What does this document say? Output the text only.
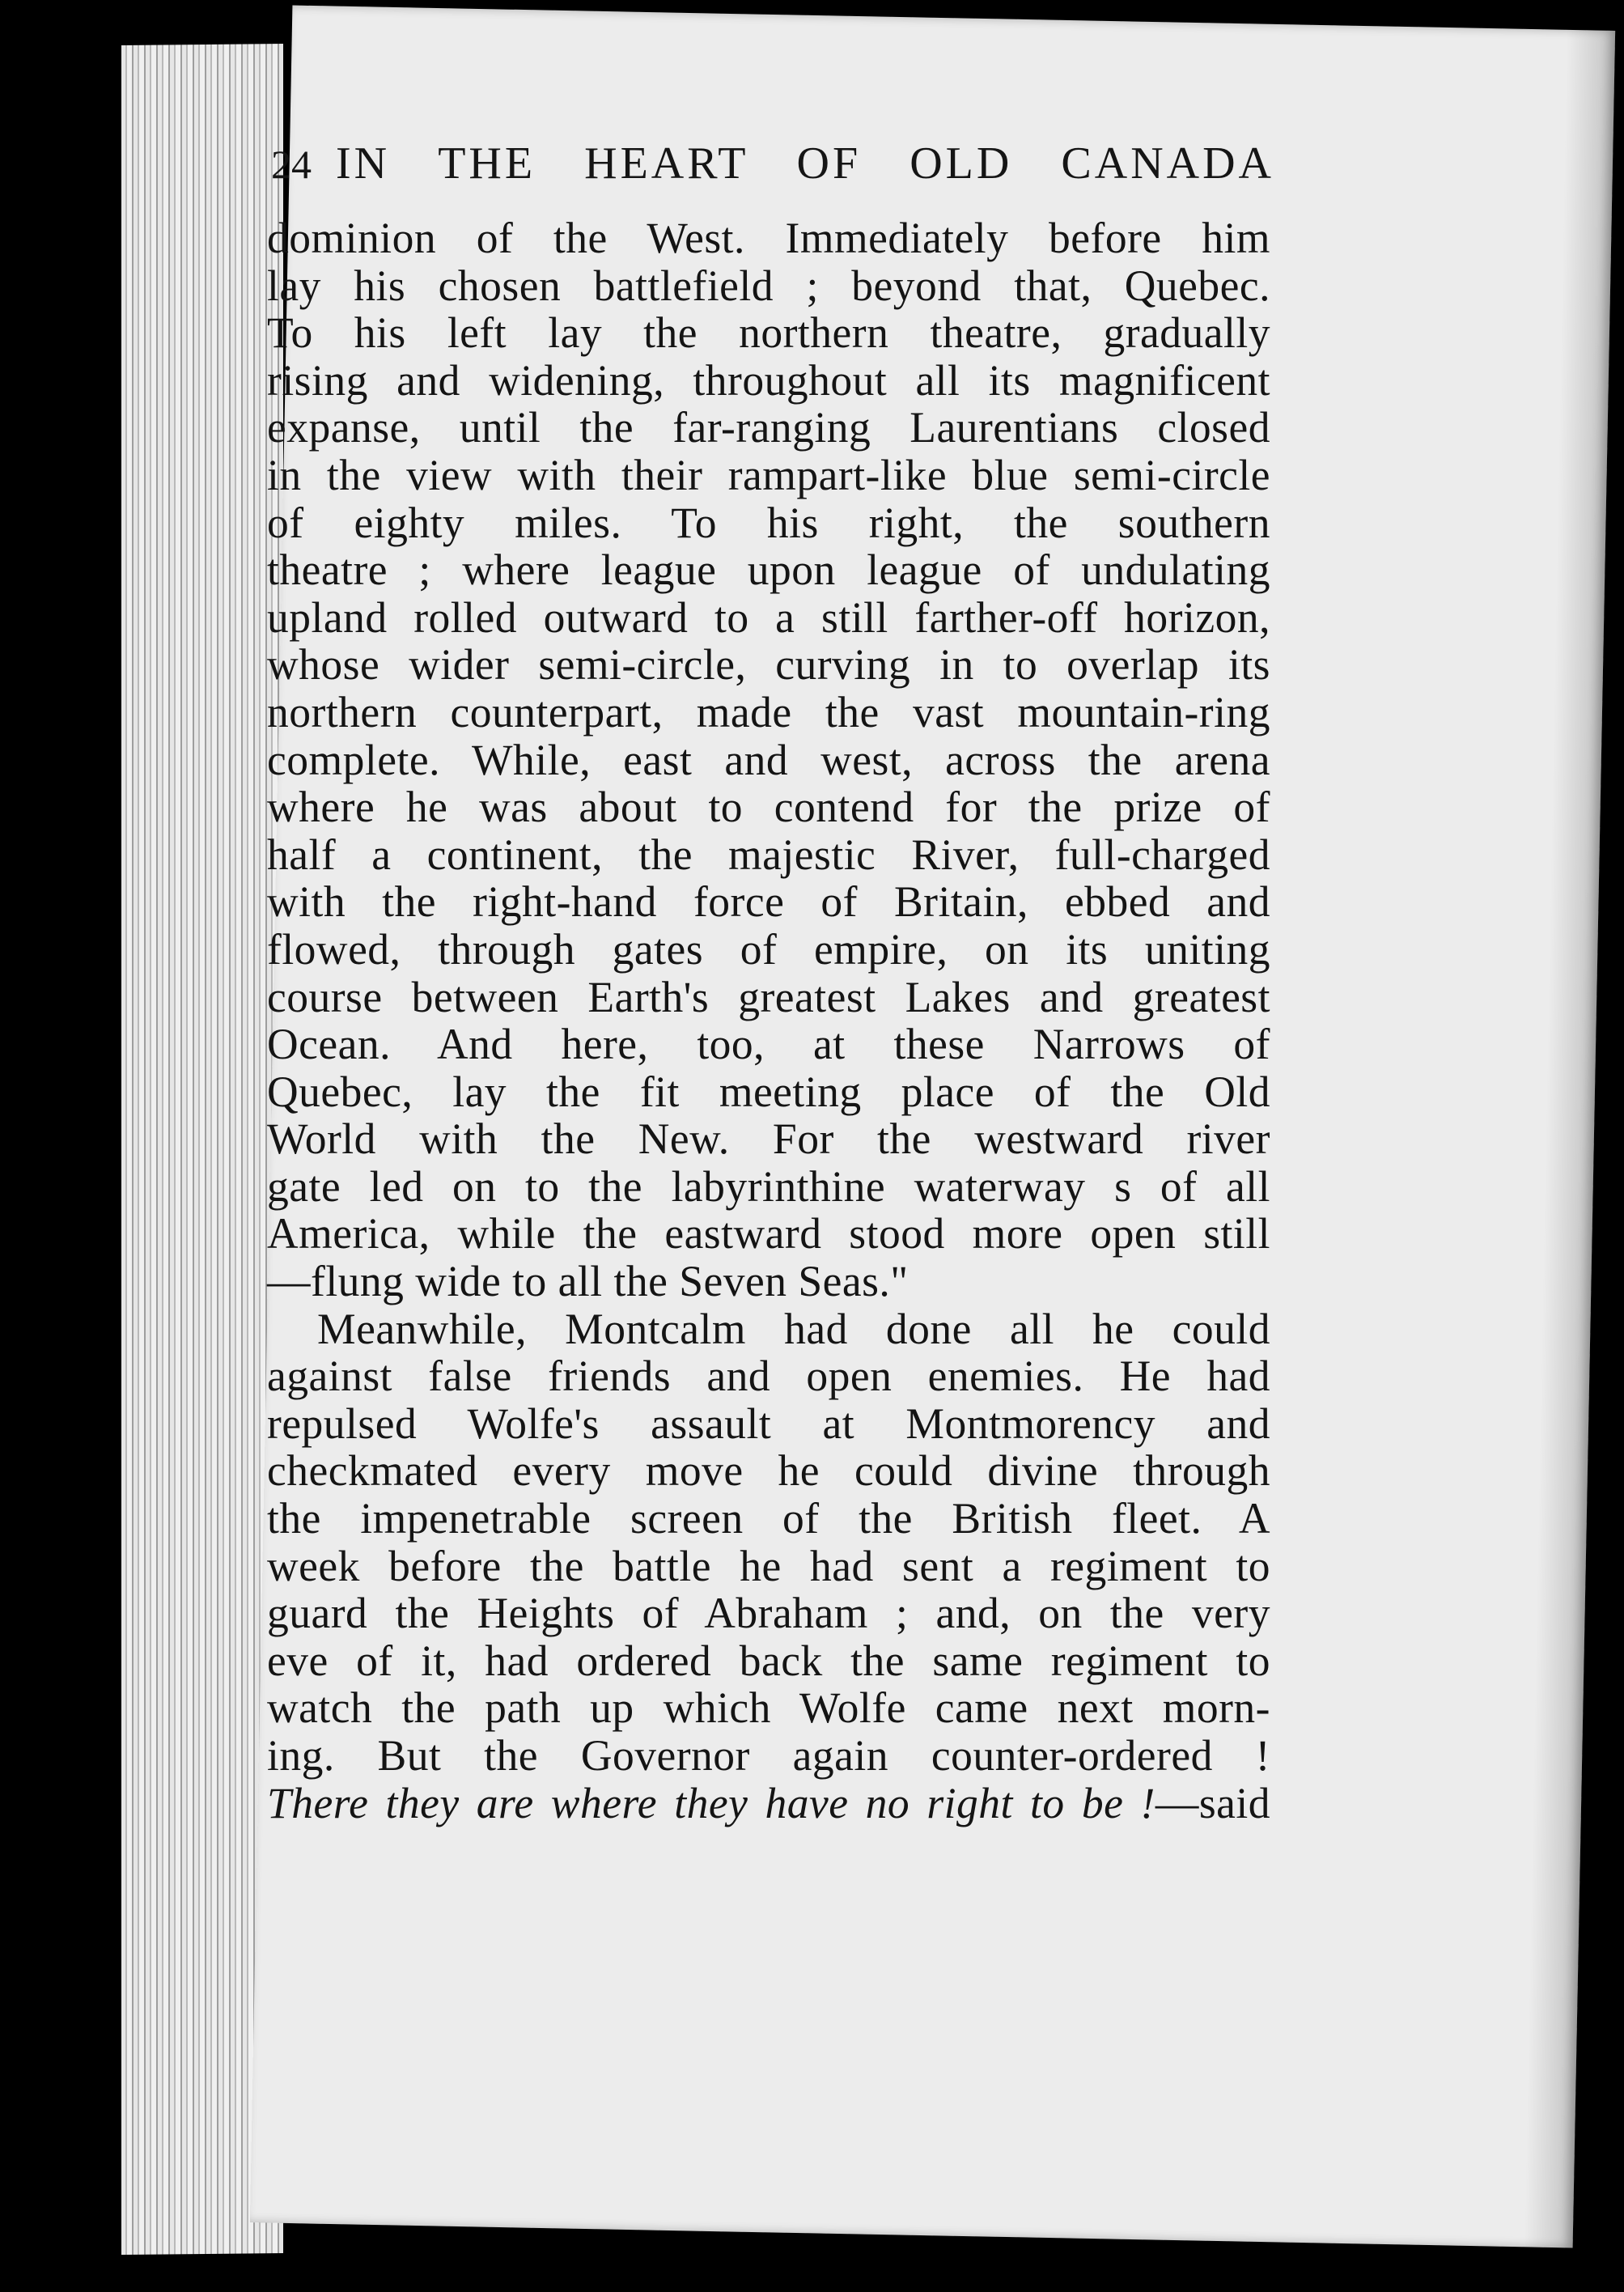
24 IN THE HEART OF OLD CANADA
dominion of the West. Immediately before him
lay his chosen battlefield ; beyond that, Quebec.
To his left lay the northern theatre, gradually
rising and widening, throughout all its magnificent
expanse, until the far-ranging Laurentians closed
in the view with their rampart-like blue semi-circle
of eighty miles. To his right, the southern
theatre ; where league upon league of undulating
upland rolled outward to a still farther-off horizon,
whose wider semi-circle, curving in to overlap its
northern counterpart, made the vast mountain-ring
complete. While, east and west, across the arena
where he was about to contend for the prize of
half a continent, the majestic River, full-charged
with the right-hand force of Britain, ebbed and
flowed, through gates of empire, on its uniting
course between Earth's greatest Lakes and greatest
Ocean. And here, too, at these Narrows of
Quebec, lay the fit meeting place of the Old
World with the New. For the westward river
gate led on to the labyrinthine waterway s of all
America, while the eastward stood more open still
—flung wide to all the Seven Seas."
Meanwhile, Montcalm had done all he could
against false friends and open enemies. He had
repulsed Wolfe's assault at Montmorency and
checkmated every move he could divine through
the impenetrable screen of the British fleet. A
week before the battle he had sent a regiment to
guard the Heights of Abraham ; and, on the very
eve of it, had ordered back the same regiment to
watch the path up which Wolfe came next morn-
ing. But the Governor again counter-ordered !
There they are where they have no right to be !—said
